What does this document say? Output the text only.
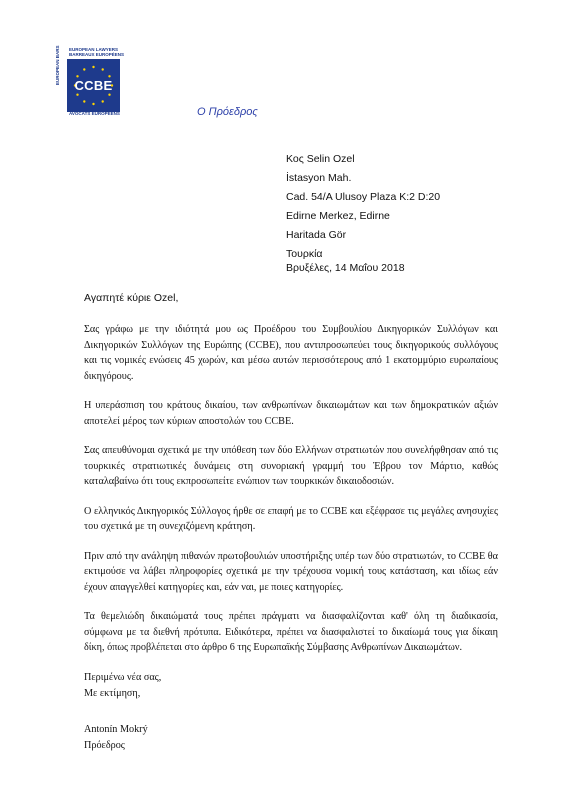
EUROPEAN LAWYERS
BARREAUX EUROPÉENS
CCBE
EUROPEAN BARS
AVOCATS EUROPÉENS	Ο Πρόεδρος
Κος Selin Ozel
İstasyon Mah.
Cad. 54/A Ulusoy Plaza K:2 D:20
Edirne Merkez, Edirne
Haritada Gör
Τουρκία
Βρυξέλες, 14 Μαΐου 2018
Αγαπητέ κύριε Ozel,

Σας γράφω με την ιδιότητά μου ως Προέδρου του Συμβουλίου Δικηγορικών Συλλόγων και Δικηγορικών Συλλόγων της Ευρώπης (CCBE), που αντιπροσωπεύει τους δικηγορικούς συλλόγους και τις νομικές ενώσεις 45 χωρών, και μέσω αυτών περισσότερους από 1 εκατομμύριο ευρωπαίους δικηγόρους.

Η υπεράσπιση του κράτους δικαίου, των ανθρωπίνων δικαιωμάτων και των δημοκρατικών αξιών αποτελεί μέρος των κύριων αποστολών του CCBE.

Σας απευθύνομαι σχετικά με την υπόθεση των δύο Ελλήνων στρατιωτών που συνελήφθησαν από τις τουρκικές στρατιωτικές δυνάμεις στη συνοριακή γραμμή του Έβρου τον Μάρτιο, καθώς καταλαβαίνω ότι τους εκπροσωπείτε ενώπιον των τουρκικών δικαιοδοσιών.

Ο ελληνικός Δικηγορικός Σύλλογος ήρθε σε επαφή με το CCBE και εξέφρασε τις μεγάλες ανησυχίες του σχετικά με τη συνεχιζόμενη κράτηση.

Πριν από την ανάληψη πιθανών πρωτοβουλιών υποστήριξης υπέρ των δύο στρατιωτών, το CCBE θα εκτιμούσε να λάβει πληροφορίες σχετικά με την τρέχουσα νομική τους κατάσταση, και ιδίως εάν έχουν απαγγελθεί κατηγορίες και, εάν ναι, με ποιες κατηγορίες.

Τα θεμελιώδη δικαιώματά τους πρέπει πράγματι να διασφαλίζονται καθ' όλη τη διαδικασία, σύμφωνα με τα διεθνή πρότυπα. Ειδικότερα, πρέπει να διασφαλιστεί το δικαίωμά τους για δίκαιη δίκη, όπως προβλέπεται στο άρθρο 6 της Ευρωπαϊκής Σύμβασης Ανθρωπίνων Δικαιωμάτων.

Περιμένω νέα σας,
Με εκτίμηση,
Antonín Mokrý
Πρόεδρος
